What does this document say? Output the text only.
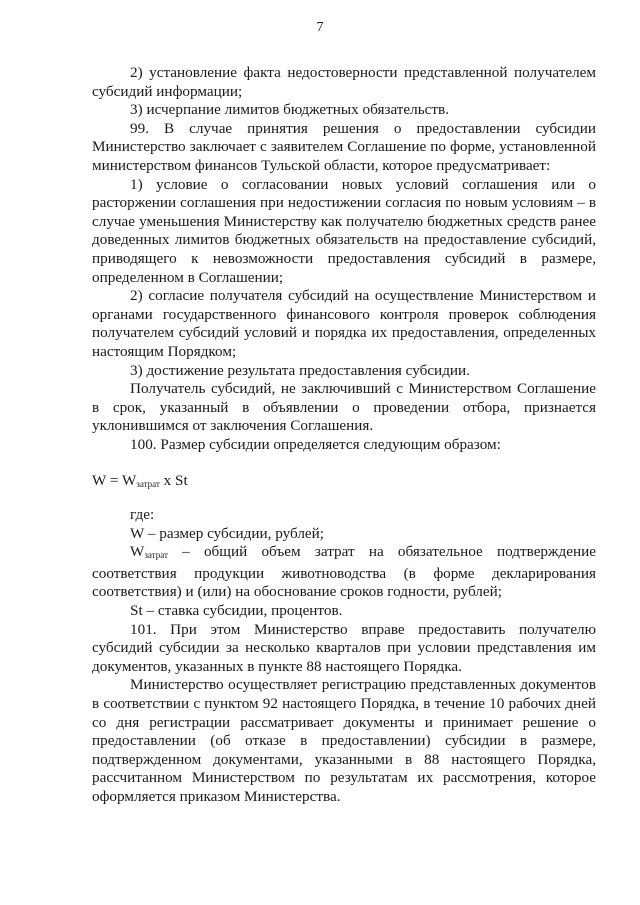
7

2) установление факта недостоверности представленной получателем субсидий информации;

3) исчерпание лимитов бюджетных обязательств.

99. В случае принятия решения о предоставлении субсидии Министерство заключает с заявителем Соглашение по форме, установленной министерством финансов Тульской области, которое предусматривает:

1) условие о согласовании новых условий соглашения или о расторжении соглашения при недостижении согласия по новым условиям – в случае уменьшения Министерству как получателю бюджетных средств ранее доведенных лимитов бюджетных обязательств на предоставление субсидий, приводящего к невозможности предоставления субсидий в размере, определенном в Соглашении;

2) согласие получателя субсидий на осуществление Министерством и органами государственного финансового контроля проверок соблюдения получателем субсидий условий и порядка их предоставления, определенных настоящим Порядком;

3) достижение результата предоставления субсидии.

Получатель субсидий, не заключивший с Министерством Соглашение в срок, указанный в объявлении о проведении отбора, признается уклонившимся от заключения Соглашения.

100. Размер субсидии определяется следующим образом:

$W = W_{затрат}$ x St

где:

W – размер субсидии, рублей;

$W_{затрат}$ – общий объем затрат на обязательное подтверждение соответствия продукции животноводства (в форме декларирования соответствия) и (или) на обоснование сроков годности, рублей;

St – ставка субсидии, процентов.

101. При этом Министерство вправе предоставить получателю субсидий субсидии за несколько кварталов при условии представления им документов, указанных в пункте 88 настоящего Порядка.

Министерство осуществляет регистрацию представленных документов в соответствии с пунктом 92 настоящего Порядка, в течение 10 рабочих дней со дня регистрации рассматривает документы и принимает решение о предоставлении (об отказе в предоставлении) субсидии в размере, подтвержденном документами, указанными в 88 настоящего Порядка, рассчитанном Министерством по результатам их рассмотрения, которое оформляется приказом Министерства.
